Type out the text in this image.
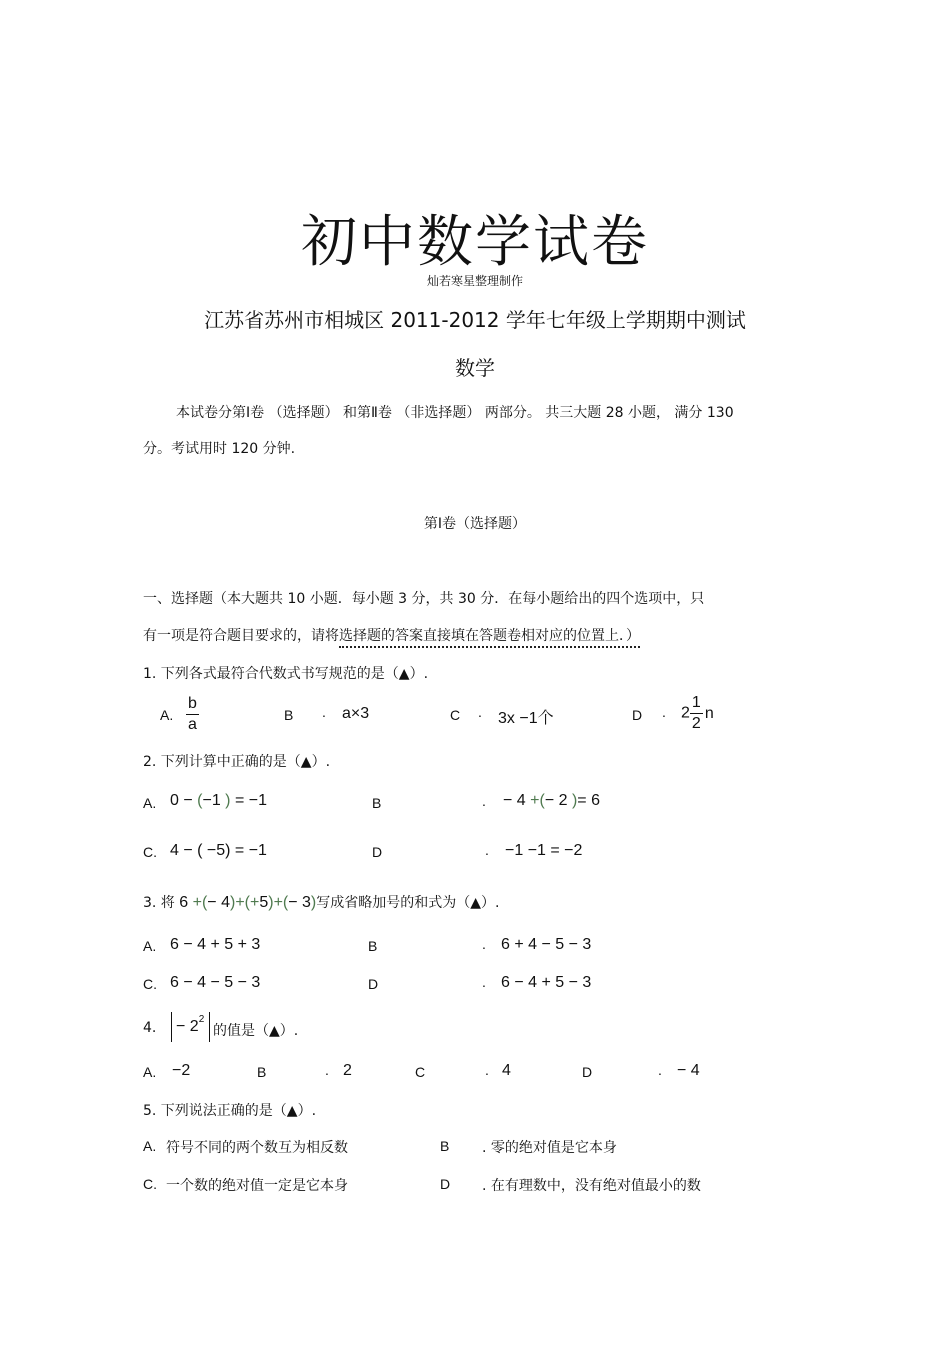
初中数学试卷
灿若寒星整理制作
江苏省苏州市相城区 2011-2012 学年七年级上学期期中测试
数学
本试卷分第Ⅰ卷 （选择题） 和第Ⅱ卷 （非选择题） 两部分。 共三大题 28 小题， 满分 130
分。考试用时 120 分钟.
第Ⅰ卷（选择题）
一、选择题（本大题共 10 小题．每小题 3 分，共 30 分．在每小题给出的四个选项中，只
有一项是符合题目要求的，请将选择题的答案直接填在答题卷相对应的位置上．）
1. 下列各式最符合代数式书写规范的是（▲）.
A. $\frac{b}{a}$	B . a×3	C . 3x −1个	D . $2 \frac{1}{2}$ n
2. 下列计算中正确的是（▲）.
A. 0 − (−1 ) = −1	B	. − 4 +(− 2 )= 6
C. 4 − ( −5) = −1	D	. −1 −1 = −2
3. 将 6 +(− 4)+(+5)+(− 3)写成省略加号的和式为（▲）.
A. 6 − 4 + 5 + 3	B	. 6 + 4 − 5 − 3
C. 6 − 4 − 5 − 3	D	. 6 − 4 + 5 − 3
4. − $2^2$
的值是（▲）.
A. −2	B	. 2	C	. 4	D	. − 4
5. 下列说法正确的是（▲）.
A. 符号不同的两个数互为相反数	B . 零的绝对值是它本身
C. 一个数的绝对值一定是它本身	D . 在有理数中，没有绝对值最小的数
